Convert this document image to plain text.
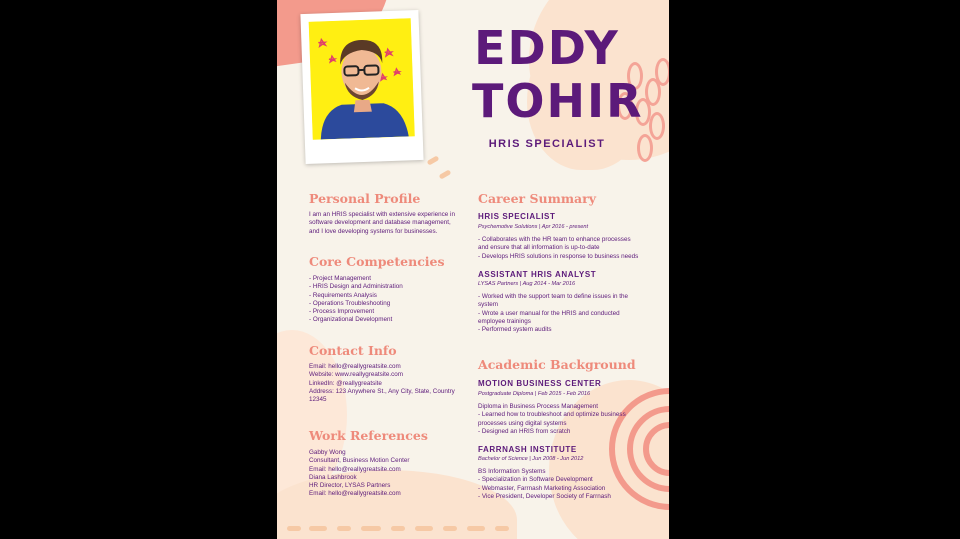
EDDY
TOHIR
HRIS SPECIALIST
Personal Profile
I am an HRIS specialist with extensive experience in
software development and database management,
and I love developing systems for businesses.
Core Competencies
- Project Management
- HRIS Design and Administration
- Requirements Analysis
- Operations Troubleshooting
- Process Improvement
- Organizational Development
Contact Info
Email: hello@reallygreatsite.com
Website: www.reallygreatsite.com
LinkedIn: @reallygreatsite
Address: 123 Anywhere St., Any City, State, Country
12345
Work References
Gabby Wong
Consultant, Business Motion Center
Email: hello@reallygreatsite.com
Diana Lashbrook
HR Director, LYSAS Partners
Email: hello@reallygreatsite.com
Career Summary
HRIS SPECIALIST
Psychemotive Solutions | Apr 2016 - present
- Collaborates with the HR team to enhance processes
and ensure that all information is up-to-date
- Develops HRIS solutions in response to business needs
ASSISTANT HRIS ANALYST
LYSAS Partners | Aug 2014 - Mar 2016
- Worked with the support team to define issues in the
system
- Wrote a user manual for the HRIS and conducted
employee trainings
- Performed system audits
Academic Background
MOTION BUSINESS CENTER
Postgraduate Diploma | Feb 2015 - Feb 2016
Diploma in Business Process Management
- Learned how to troubleshoot and optimize business
processes using digital systems
- Designed an HRIS from scratch
FARRNASH INSTITUTE
Bachelor of Science | Jun 2008 - Jun 2012
BS Information Systems
- Specialization in Software Development
- Webmaster, Farrnash Marketing Association
- Vice President, Developer Society of Farrnash
